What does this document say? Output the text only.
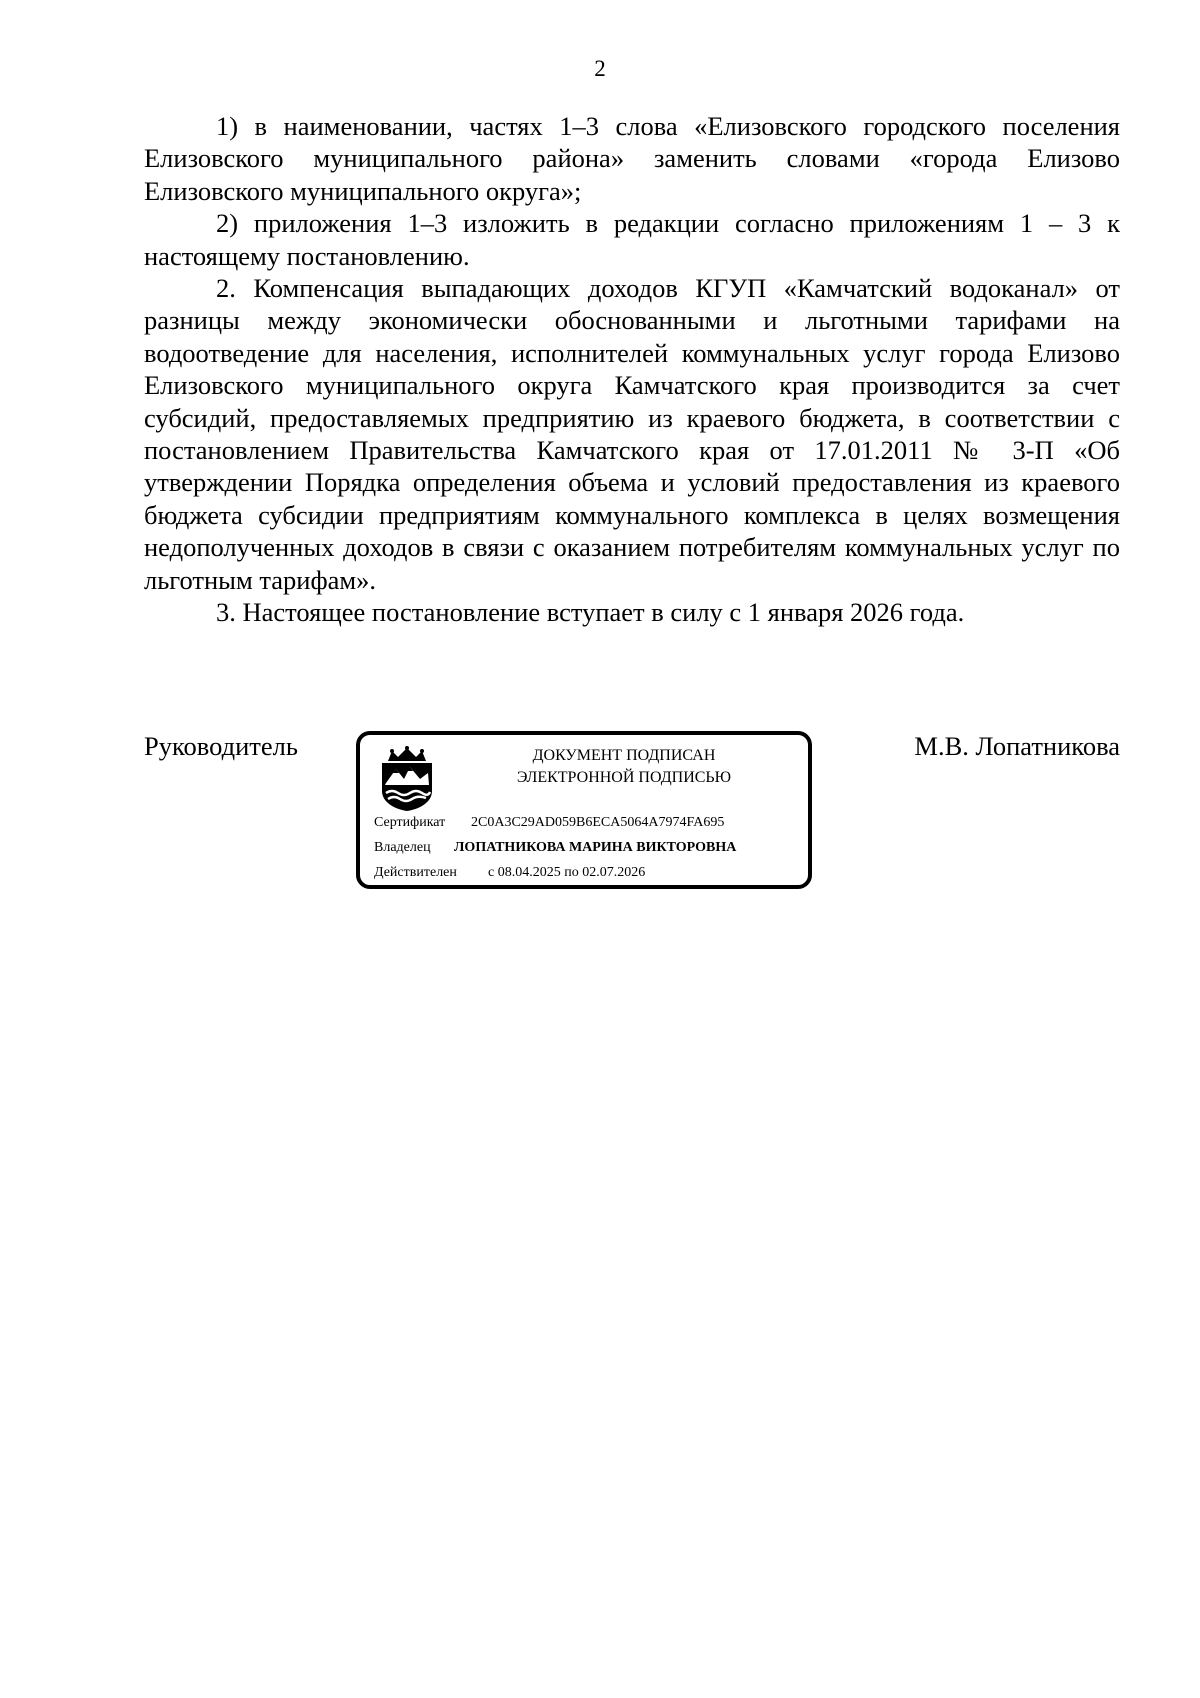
2

1) в наименовании, частях 1–3 слова «Елизовского городского поселения Елизовского муниципального района» заменить словами «города Елизово Елизовского муниципального округа»;

2) приложения 1–3 изложить в редакции согласно приложениям 1 – 3 к настоящему постановлению.

2. Компенсация выпадающих доходов КГУП «Камчатский водоканал» от разницы между экономически обоснованными и льготными тарифами на водоотведение для населения, исполнителей коммунальных услуг города Елизово Елизовского муниципального округа Камчатского края производится за счет субсидий, предоставляемых предприятию из краевого бюджета, в соответствии с постановлением Правительства Камчатского края от 17.01.2011 № 3-П «Об утверждении Порядка определения объема и условий предоставления из краевого бюджета субсидии предприятиям коммунального комплекса в целях возмещения недополученных доходов в связи с оказанием потребителям коммунальных услуг по льготным тарифам».

3. Настоящее постановление вступает в силу с 1 января 2026 года.

Руководитель	ДОКУМЕНТ ПОДПИСАН
ЭЛЕКТРОННОЙ ПОДПИСЬЮ
Сертификат 2C0A3C29AD059B6ECA5064A7974FA695
Владелец ЛОПАТНИКОВА МАРИНА ВИКТОРОВНА
Действителен с 08.04.2025 по 02.07.2026
М.В. Лопатникова
